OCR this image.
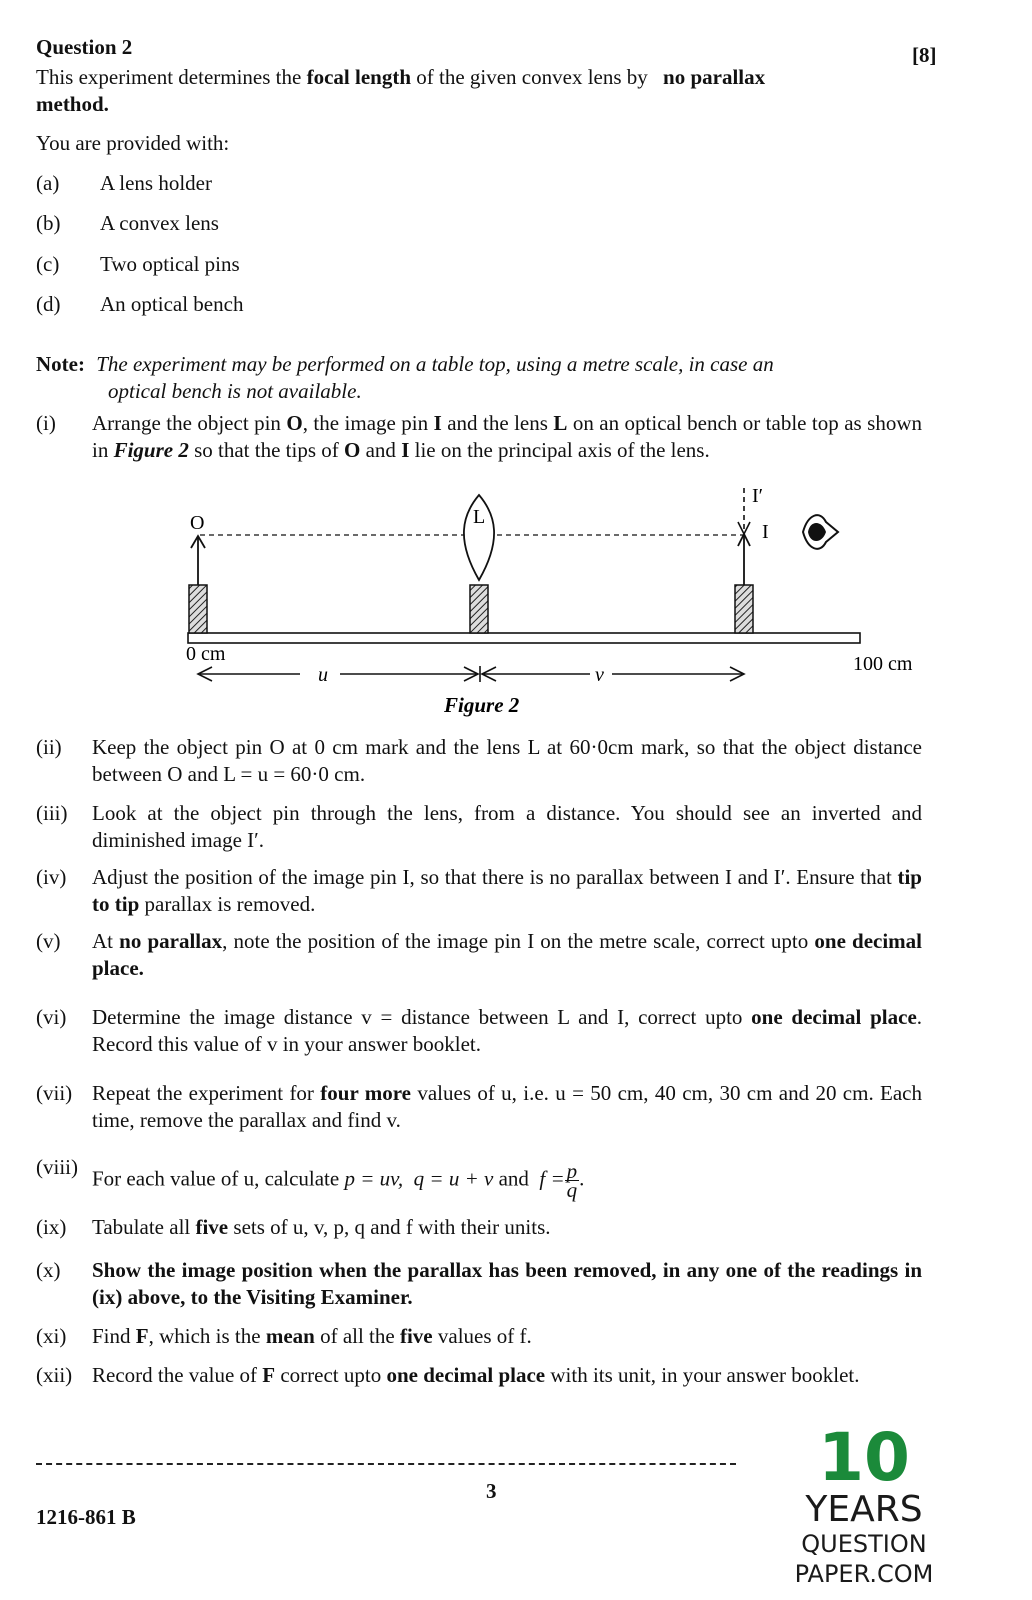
Question 2	[8]
This experiment determines the focal length of the given convex lens by no parallax
method.
You are provided with:
(a) A lens holder
(b) A convex lens
(c) Two optical pins
(d) An optical bench
Note: The experiment may be performed on a table top, using a metre scale, in case an
optical bench is not available.
(i) Arrange the object pin O, the image pin I and the lens L on an optical bench or table top as shown in Figure 2 so that the tips of O and I lie on the principal axis of the lens.
O	L
I′
I
0 cm	100 cm
u	v
Figure 2
(ii) Keep the object pin O at 0 cm mark and the lens L at 60·0cm mark, so that the object distance between O and L = u = 60·0 cm.
(iii) Look at the object pin through the lens, from a distance. You should see an inverted and diminished image I′.
(iv) Adjust the position of the image pin I, so that there is no parallax between I and I′. Ensure that tip to tip parallax is removed.
(v) At no parallax, note the position of the image pin I on the metre scale, correct upto one decimal place.
(vi) Determine the image distance v = distance between L and I, correct upto one decimal place. Record this value of v in your answer booklet.
(vii) Repeat the experiment for four more values of u, i.e. u = 50 cm, 40 cm, 30 cm and 20 cm. Each time, remove the parallax and find v.
(viii) For each value of u, calculate p = uv, q = u + v and  $f = \frac{p}{q}$ .
(ix) Tabulate all five sets of u, v, p, q and f with their units.
(x) Show the image position when the parallax has been removed, in any one of the readings in (ix) above, to the Visiting Examiner.
(xi) Find F, which is the mean of all the five values of f.
(xii) Record the value of F correct upto one decimal place with its unit, in your answer booklet.
3
1216-861 B
10
YEARS
QUESTION PAPER.COM
